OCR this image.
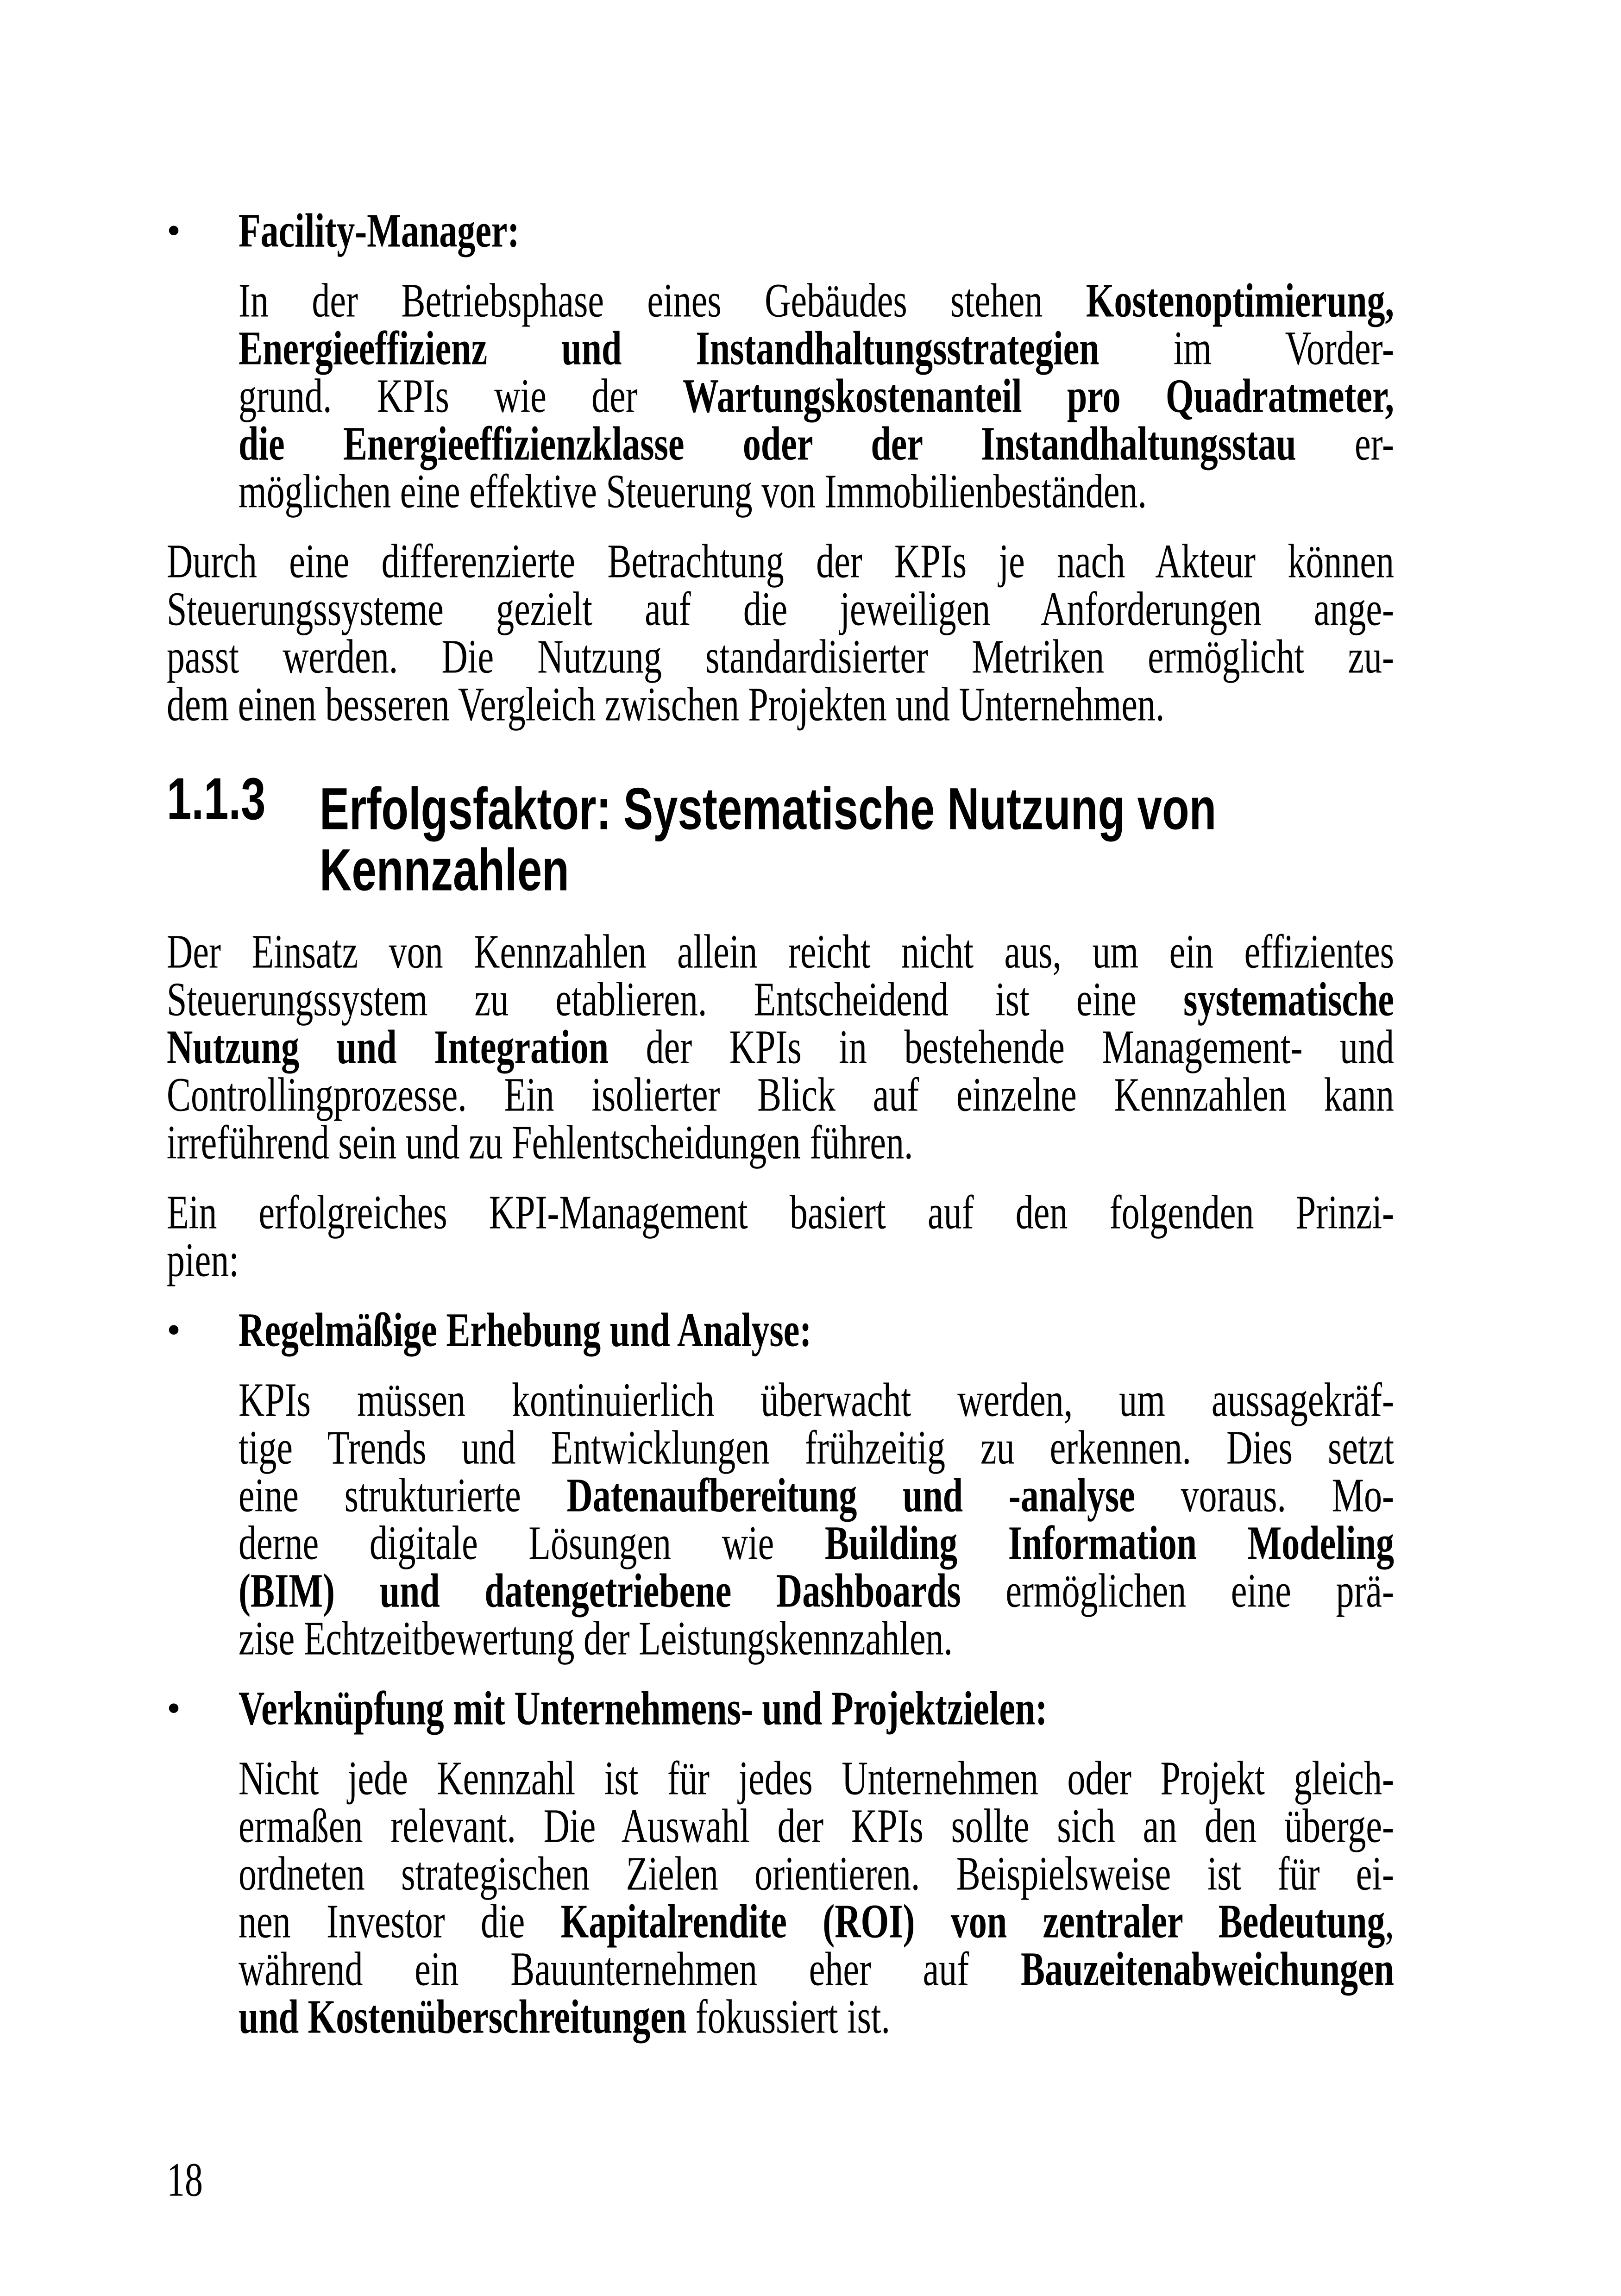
•	Facility-Manager:
In der Betriebsphase eines Gebäudes stehen Kostenoptimierung,
Energieeffizienz und Instandhaltungsstrategien im Vorder-
grund. KPIs wie der Wartungskostenanteil pro Quadratmeter,
die Energieeffizienzklasse oder der Instandhaltungsstau er-
möglichen eine effektive Steuerung von Immobilienbeständen.
Durch eine differenzierte Betrachtung der KPIs je nach Akteur können
Steuerungssysteme gezielt auf die jeweiligen Anforderungen ange-
passt werden. Die Nutzung standardisierter Metriken ermöglicht zu-
dem einen besseren Vergleich zwischen Projekten und Unternehmen.
1.1.3	Erfolgsfaktor: Systematische Nutzung von
Kennzahlen
Der Einsatz von Kennzahlen allein reicht nicht aus, um ein effizientes
Steuerungssystem zu etablieren. Entscheidend ist eine systematische
Nutzung und Integration der KPIs in bestehende Management- und
Controllingprozesse. Ein isolierter Blick auf einzelne Kennzahlen kann
irreführend sein und zu Fehlentscheidungen führen.
Ein erfolgreiches KPI-Management basiert auf den folgenden Prinzi-
pien:
•	Regelmäßige Erhebung und Analyse:
KPIs müssen kontinuierlich überwacht werden, um aussagekräf-
tige Trends und Entwicklungen frühzeitig zu erkennen. Dies setzt
eine strukturierte Datenaufbereitung und -analyse voraus. Mo-
derne digitale Lösungen wie Building Information Modeling
(BIM) und datengetriebene Dashboards ermöglichen eine prä-
zise Echtzeitbewertung der Leistungskennzahlen.
•	Verknüpfung mit Unternehmens- und Projektzielen:
Nicht jede Kennzahl ist für jedes Unternehmen oder Projekt gleich-
ermaßen relevant. Die Auswahl der KPIs sollte sich an den überge-
ordneten strategischen Zielen orientieren. Beispielsweise ist für ei-
nen Investor die Kapitalrendite (ROI) von zentraler Bedeutung,
während ein Bauunternehmen eher auf Bauzeitenabweichungen
und Kostenüberschreitungen fokussiert ist.
18
